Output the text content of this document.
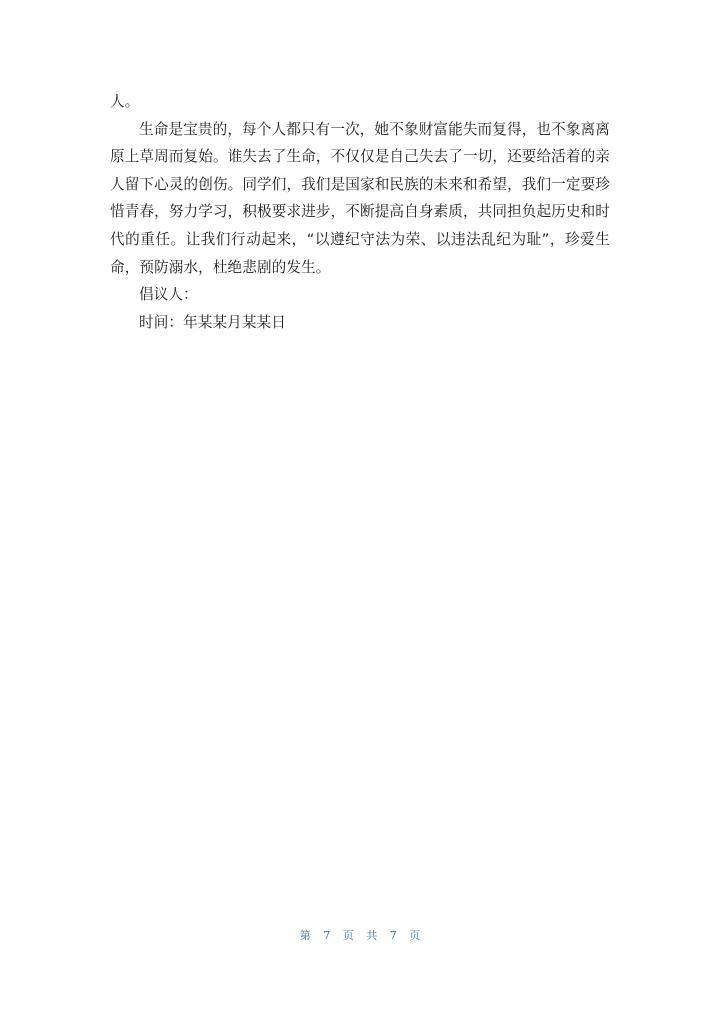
人。

生命是宝贵的，每个人都只有一次，她不象财富能失而复得，也不象离离原上草周而复始。谁失去了生命，不仅仅是自己失去了一切，还要给活着的亲人留下心灵的创伤。同学们，我们是国家和民族的未来和希望，我们一定要珍惜青春，努力学习，积极要求进步，不断提高自身素质，共同担负起历史和时代的重任。让我们行动起来，“以遵纪守法为荣、以违法乱纪为耻”，珍爱生命，预防溺水，杜绝悲剧的发生。

倡议人：

时间：年某某月某某日

第 7 页 共 7 页
